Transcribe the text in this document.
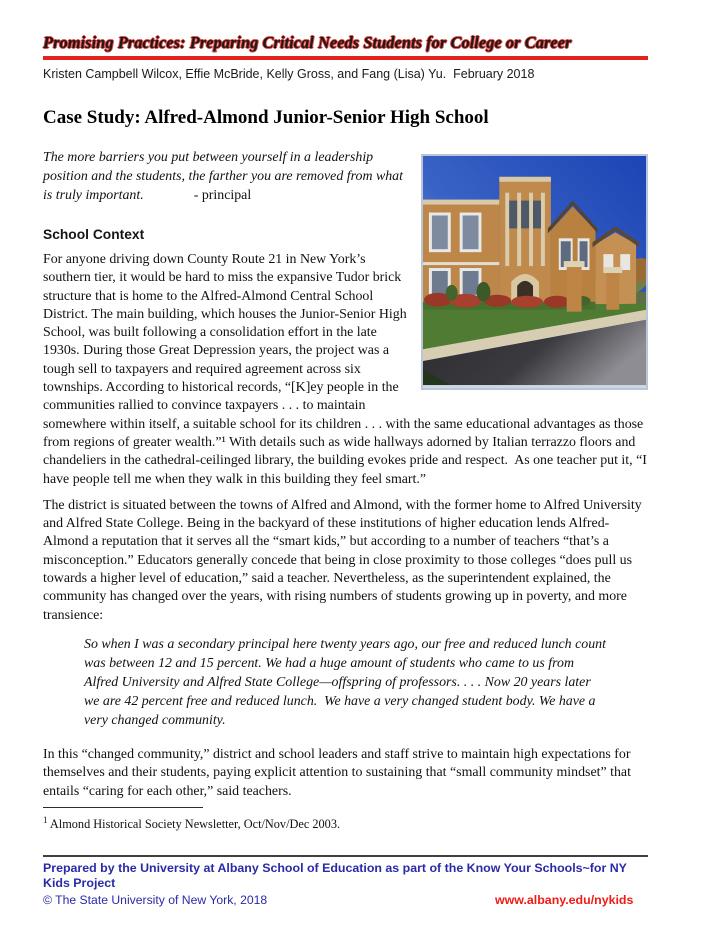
Promising Practices: Preparing Critical Needs Students for College or Career
Kristen Campbell Wilcox, Effie McBride, Kelly Gross, and Fang (Lisa) Yu.  February 2018
Case Study: Alfred-Almond Junior-Senior High School

The more barriers you put between yourself in a leadership position and the students, the farther you are removed from what is truly important.	- principal

School Context

For anyone driving down County Route 21 in New York’s southern tier, it would be hard to miss the expansive Tudor brick structure that is home to the Alfred-Almond Central School District. The main building, which houses the Junior-Senior High School, was built following a consolidation effort in the late 1930s. During those Great Depression years, the project was a tough sell to taxpayers and required agreement across six townships. According to historical records, “[K]ey people in the communities rallied to convince taxpayers . . . to maintain somewhere within itself, a suitable school for its children . . . with the same educational advantages as those from regions of greater wealth.”¹ With details such as wide hallways adorned by Italian terrazzo floors and chandeliers in the cathedral-ceilinged library, the building evokes pride and respect.  As one teacher put it, “I have people tell me when they walk in this building they feel smart.”

The district is situated between the towns of Alfred and Almond, with the former home to Alfred University and Alfred State College. Being in the backyard of these institutions of higher education lends Alfred-Almond a reputation that it serves all the “smart kids,” but according to a number of teachers “that’s a misconception.” Educators generally concede that being in close proximity to those colleges “does pull us towards a higher level of education,” said a teacher. Nevertheless, as the superintendent explained, the community has changed over the years, with rising numbers of students growing up in poverty, and more transience:

So when I was a secondary principal here twenty years ago, our free and reduced lunch count was between 12 and 15 percent. We had a huge amount of students who came to us from Alfred University and Alfred State College—offspring of professors. . . . Now 20 years later we are 42 percent free and reduced lunch.  We have a very changed student body. We have a very changed community.

In this “changed community,” district and school leaders and staff strive to maintain high expectations for themselves and their students, paying explicit attention to sustaining that “small community mindset” that entails “caring for each other,” said teachers.

$^1$ Almond Historical Society Newsletter, Oct/Nov/Dec 2003.
Prepared by the University at Albany School of Education as part of the Know Your Schools~for NY Kids Project
© The State University of New York, 2018	www.albany.edu/nykids
